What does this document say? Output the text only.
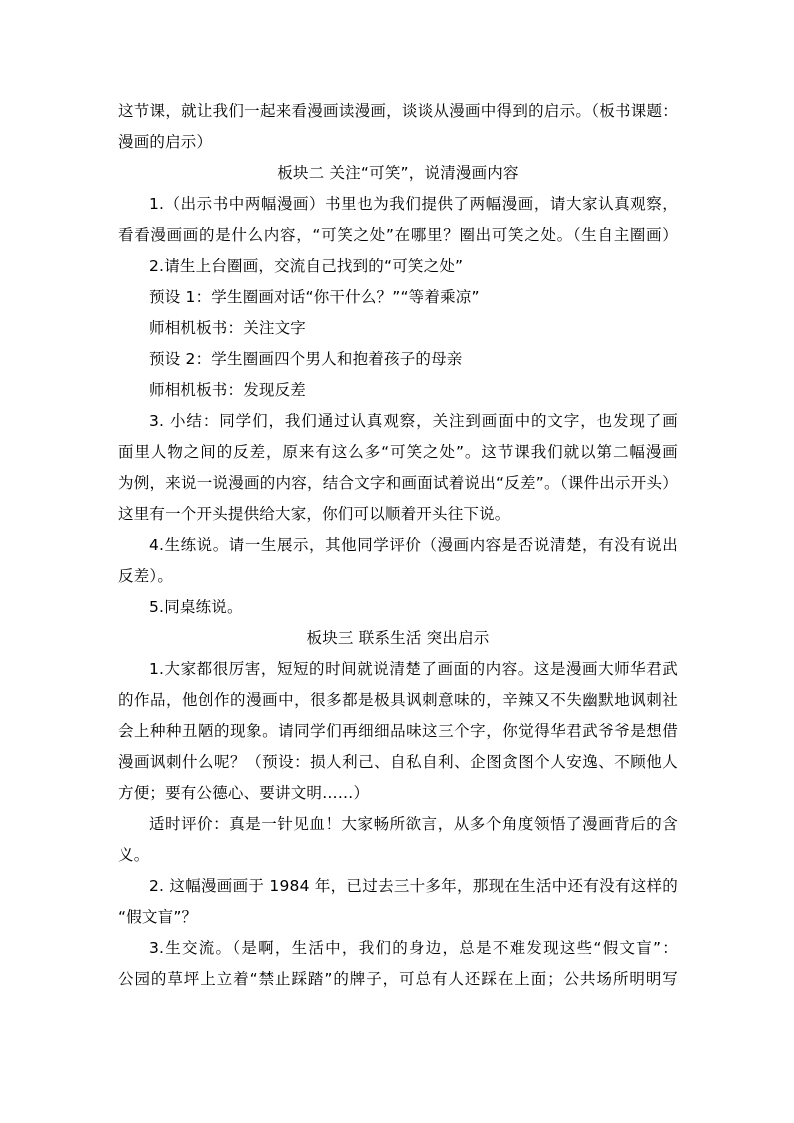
这节课，就让我们一起来看漫画读漫画，谈谈从漫画中得到的启示。（板书课题：
漫画的启示）
板块二 关注“可笑”，说清漫画内容
1.（出示书中两幅漫画）书里也为我们提供了两幅漫画，请大家认真观察，
看看漫画画的是什么内容，“可笑之处”在哪里？圈出可笑之处。（生自主圈画）
2.请生上台圈画，交流自己找到的“可笑之处”
预设 1：学生圈画对话“你干什么？”“等着乘凉”
师相机板书：关注文字
预设 2：学生圈画四个男人和抱着孩子的母亲
师相机板书：发现反差
3. 小结：同学们，我们通过认真观察，关注到画面中的文字，也发现了画
面里人物之间的反差，原来有这么多“可笑之处”。这节课我们就以第二幅漫画
为例，来说一说漫画的内容，结合文字和画面试着说出“反差”。（课件出示开头）
这里有一个开头提供给大家，你们可以顺着开头往下说。
4.生练说。请一生展示，其他同学评价（漫画内容是否说清楚，有没有说出
反差）。
5.同桌练说。
板块三 联系生活 突出启示
1.大家都很厉害，短短的时间就说清楚了画面的内容。这是漫画大师华君武
的作品，他创作的漫画中，很多都是极具讽刺意味的，辛辣又不失幽默地讽刺社
会上种种丑陋的现象。请同学们再细细品味这三个字，你觉得华君武爷爷是想借
漫画讽刺什么呢？（预设：损人利己、自私自利、企图贪图个人安逸、不顾他人
方便；要有公德心、要讲文明……）
适时评价：真是一针见血！大家畅所欲言，从多个角度领悟了漫画背后的含
义。
2. 这幅漫画画于 1984 年，已过去三十多年，那现在生活中还有没有这样的
“假文盲”？
3.生交流。（是啊，生活中，我们的身边，总是不难发现这些“假文盲”：
公园的草坪上立着“禁止踩踏”的牌子，可总有人还踩在上面；公共场所明明写
